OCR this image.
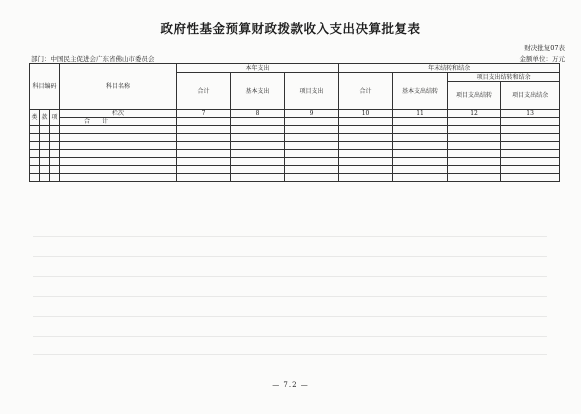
政府性基金预算财政拨款收入支出决算批复表
财决批复07表
部门：中国民主促进会广东省佛山市委员会	金额单位：万元
科目编码			科目名称	本年支出			年末结转和结余			
				合计	基本支出	项目支出	合计	基本支出结转	项目支出结转和结余	
									项目支出结转	项目支出结余
类	款	项	栏次	7	8	9	10	11	12	13
			合　　计							

— 7.2 —
